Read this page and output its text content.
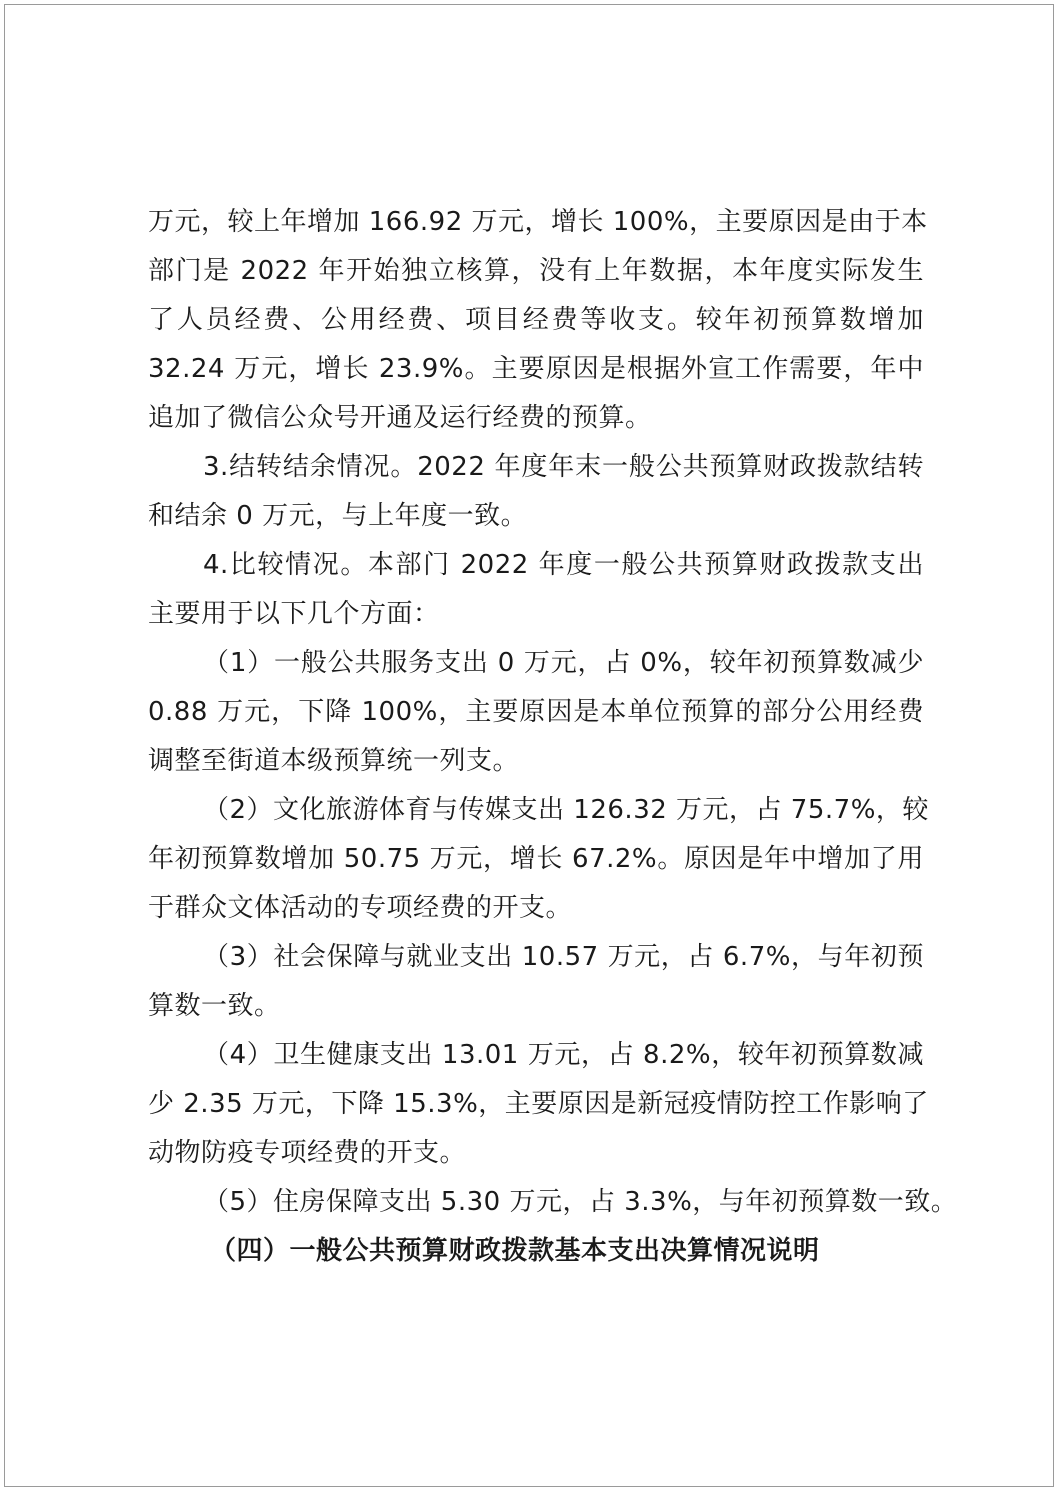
万元，较上年增加 166.92 万元，增长 100%，主要原因是由于本
部门是 2022 年开始独立核算，没有上年数据，本年度实际发生
了人员经费、公用经费、项目经费等收支。较年初预算数增加
32.24 万元，增长 23.9%。主要原因是根据外宣工作需要，年中
追加了微信公众号开通及运行经费的预算。
3.结转结余情况。2022 年度年末一般公共预算财政拨款结转
和结余 0 万元，与上年度一致。
4.比较情况。本部门 2022 年度一般公共预算财政拨款支出
主要用于以下几个方面：
（1）一般公共服务支出 0 万元，占 0%，较年初预算数减少
0.88 万元，下降 100%，主要原因是本单位预算的部分公用经费
调整至街道本级预算统一列支。
（2）文化旅游体育与传媒支出 126.32 万元，占 75.7%，较
年初预算数增加 50.75 万元，增长 67.2%。原因是年中增加了用
于群众文体活动的专项经费的开支。
（3）社会保障与就业支出 10.57 万元，占 6.7%，与年初预
算数一致。
（4）卫生健康支出 13.01 万元，占 8.2%，较年初预算数减
少 2.35 万元，下降 15.3%，主要原因是新冠疫情防控工作影响了
动物防疫专项经费的开支。
（5）住房保障支出 5.30 万元，占 3.3%，与年初预算数一致。
（四）一般公共预算财政拨款基本支出决算情况说明
